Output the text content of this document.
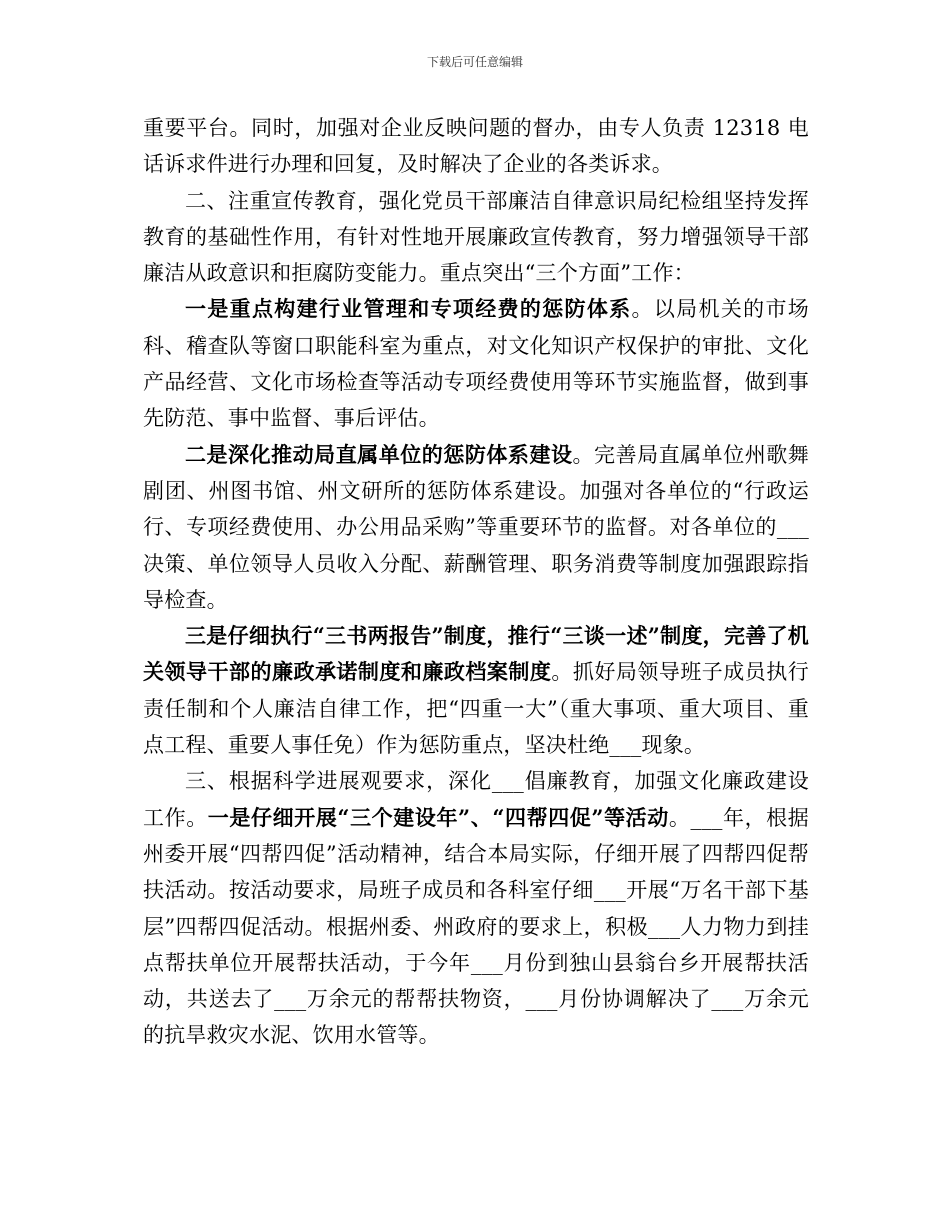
下载后可任意编辑

重要平台。同时，加强对企业反映问题的督办，由专人负责 12318 电话诉求件进行办理和回复，及时解决了企业的各类诉求。

二、注重宣传教育，强化党员干部廉洁自律意识局纪检组坚持发挥教育的基础性作用，有针对性地开展廉政宣传教育，努力增强领导干部廉洁从政意识和拒腐防变能力。重点突出“三个方面”工作：

一是重点构建行业管理和专项经费的惩防体系。以局机关的市场科、稽查队等窗口职能科室为重点，对文化知识产权保护的审批、文化产品经营、文化市场检查等活动专项经费使用等环节实施监督，做到事先防范、事中监督、事后评估。

二是深化推动局直属单位的惩防体系建设。完善局直属单位州歌舞剧团、州图书馆、州文研所的惩防体系建设。加强对各单位的“行政运行、专项经费使用、办公用品采购”等重要环节的监督。对各单位的___决策、单位领导人员收入分配、薪酬管理、职务消费等制度加强跟踪指导检查。

三是仔细执行“三书两报告”制度，推行“三谈一述”制度，完善了机关领导干部的廉政承诺制度和廉政档案制度。抓好局领导班子成员执行责任制和个人廉洁自律工作，把“四重一大”（重大事项、重大项目、重点工程、重要人事任免）作为惩防重点，坚决杜绝___现象。

三、根据科学进展观要求，深化___倡廉教育，加强文化廉政建设工作。一是仔细开展“三个建设年”、“四帮四促”等活动。___年，根据州委开展“四帮四促”活动精神，结合本局实际，仔细开展了四帮四促帮扶活动。按活动要求，局班子成员和各科室仔细___开展“万名干部下基层”四帮四促活动。根据州委、州政府的要求上，积极___人力物力到挂点帮扶单位开展帮扶活动，于今年___月份到独山县翁台乡开展帮扶活动，共送去了___万余元的帮帮扶物资，___月份协调解决了___万余元的抗旱救灾水泥、饮用水管等。
